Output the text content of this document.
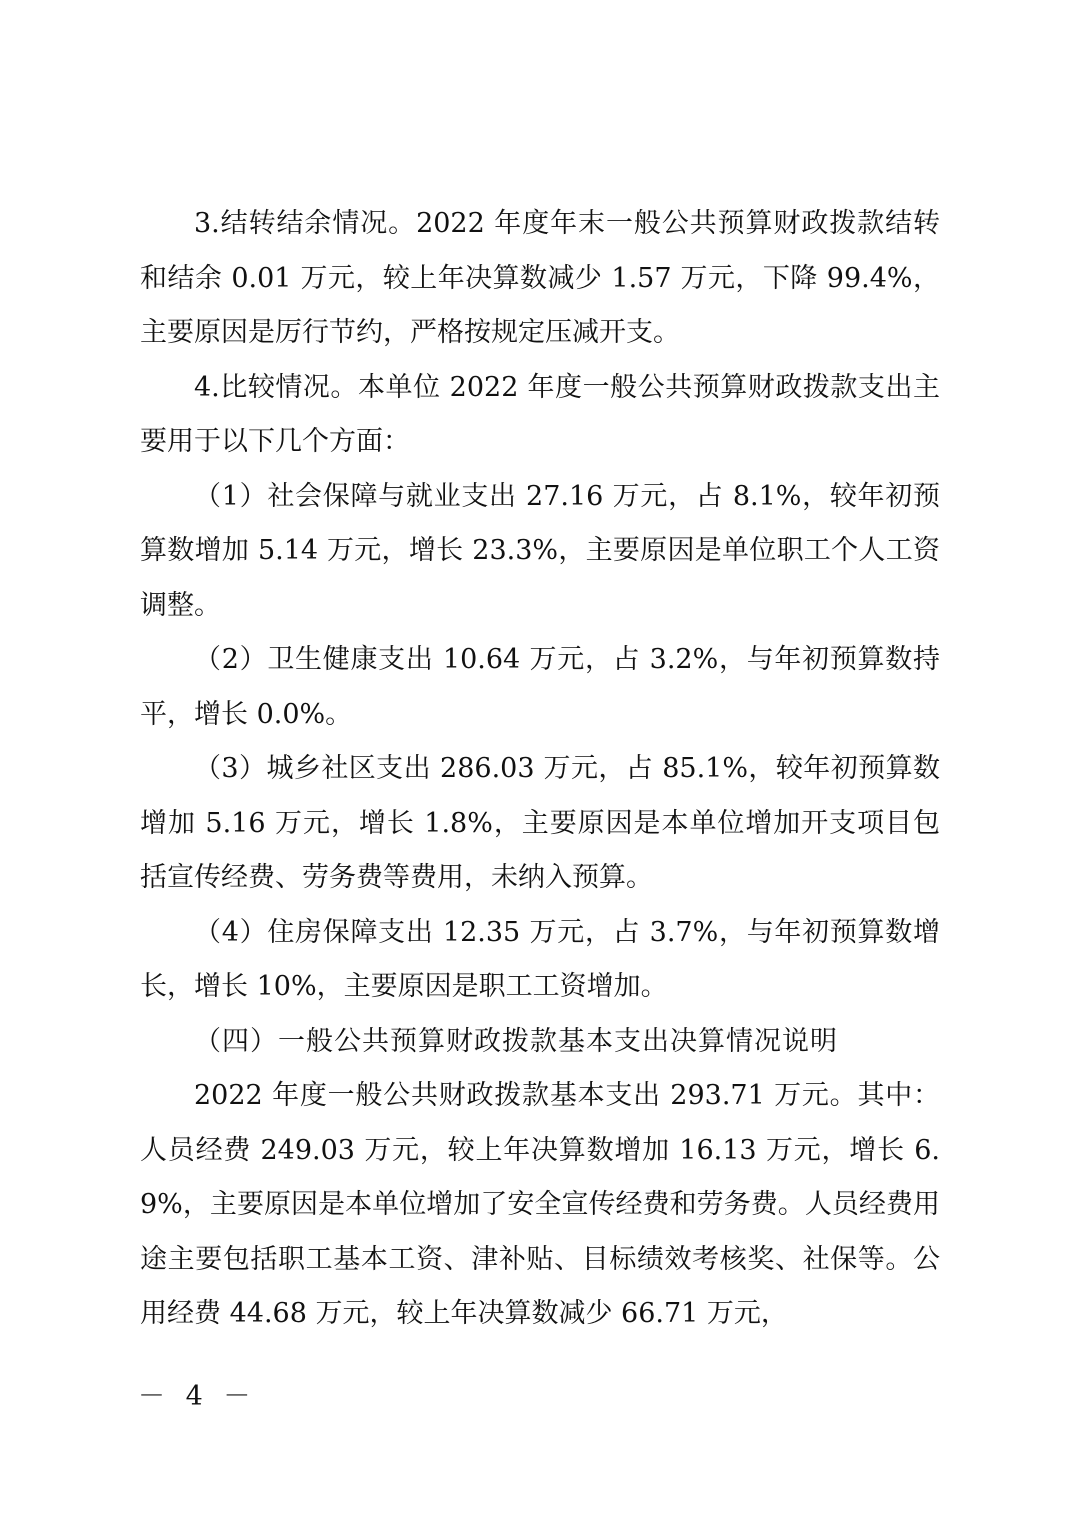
3.结转结余情况。2022 年度年末一般公共预算财政拨款结转和结余 0.01 万元，较上年决算数减少 1.57 万元，下降 99.4%，主要原因是厉行节约，严格按规定压减开支。

4.比较情况。本单位 2022 年度一般公共预算财政拨款支出主要用于以下几个方面：

（1）社会保障与就业支出 27.16 万元，占 8.1%，较年初预算数增加 5.14 万元，增长 23.3%，主要原因是单位职工个人工资调整。

（2）卫生健康支出 10.64 万元，占 3.2%，与年初预算数持平，增长 0.0%。

（3）城乡社区支出 286.03 万元，占 85.1%，较年初预算数增加 5.16 万元，增长 1.8%，主要原因是本单位增加开支项目包括宣传经费、劳务费等费用，未纳入预算。

（4）住房保障支出 12.35 万元，占 3.7%，与年初预算数增长，增长 10%，主要原因是职工工资增加。

（四）一般公共预算财政拨款基本支出决算情况说明

2022 年度一般公共财政拨款基本支出 293.71 万元。其中：人员经费 249.03 万元，较上年决算数增加 16.13 万元，增长 6.9%，主要原因是本单位增加了安全宣传经费和劳务费。人员经费用途主要包括职工基本工资、津补贴、目标绩效考核奖、社保等。公用经费 44.68 万元，较上年决算数减少 66.71 万元，

－ 4 －
